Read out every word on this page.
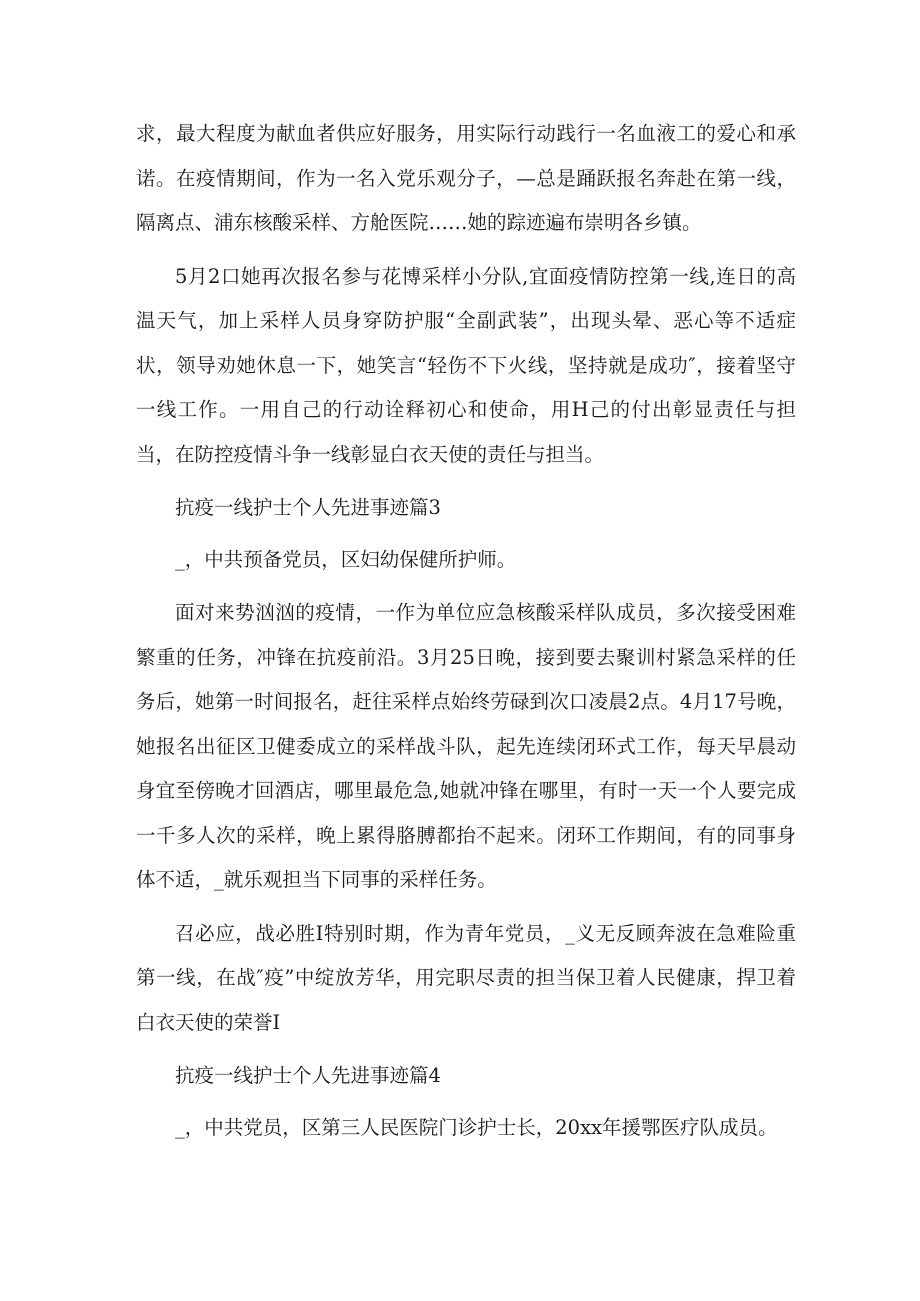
求，最大程度为献血者供应好服务，用实际行动践行一名血液工的爱心和承诺。在疫情期间，作为一名入党乐观分子，—总是踊跃报名奔赴在第一线，隔离点、浦东核酸采样、方舱医院……她的踪迹遍布崇明各乡镇。

5月2口她再次报名参与花博采样小分队,宜面疫情防控第一线,连日的高温天气，加上采样人员身穿防护服“全副武装”，出现头晕、恶心等不适症状，领导劝她休息一下，她笑言“轻伤不下火线，坚持就是成功″，接着坚守一线工作。一用自己的行动诠释初心和使命，用H己的付出彰显责任与担当，在防控疫情斗争一线彰显白衣天使的责任与担当。

抗疫一线护士个人先进事迹篇3

_，中共预备党员，区妇幼保健所护师。

面对来势汹汹的疫情，一作为单位应急核酸采样队成员，多次接受困难繁重的任务，冲锋在抗疫前沿。3月25日晚，接到要去聚训村紧急采样的任务后，她第一时间报名，赶往采样点始终劳碌到次口凌晨2点。4月17号晚，她报名出征区卫健委成立的采样战斗队，起先连续闭环式工作，每天早晨动身宜至傍晚才回酒店，哪里最危急,她就冲锋在哪里，有时一天一个人要完成一千多人次的采样，晚上累得胳膊都抬不起来。闭环工作期间，有的同事身体不适，_就乐观担当下同事的采样任务。

召必应，战必胜I特别时期，作为青年党员，_义无反顾奔波在急难险重第一线，在战″疫”中绽放芳华，用完职尽责的担当保卫着人民健康，捍卫着白衣天使的荣誉I

抗疫一线护士个人先进事迹篇4

_，中共党员，区第三人民医院门诊护士长，20xx年援鄂医疗队成员。
